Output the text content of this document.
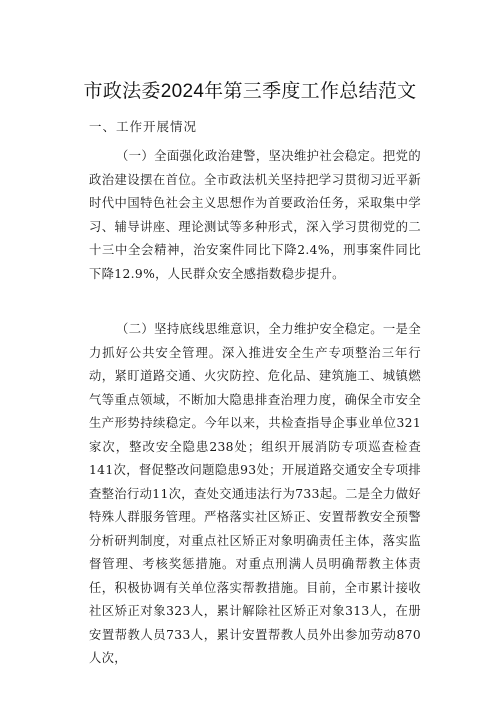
市政法委2024年第三季度工作总结范文
一、工作开展情况

（一）全面强化政治建警，坚决维护社会稳定。把党的政治建设摆在首位。全市政法机关坚持把学习贯彻习近平新时代中国特色社会主义思想作为首要政治任务，采取集中学习、辅导讲座、理论测试等多种形式，深入学习贯彻党的二十三中全会精神，治安案件同比下降2.4%，刑事案件同比下降12.9%，人民群众安全感指数稳步提升。

（二）坚持底线思维意识，全力维护安全稳定。一是全力抓好公共安全管理。深入推进安全生产专项整治三年行动，紧盯道路交通、火灾防控、危化品、建筑施工、城镇燃气等重点领域，不断加大隐患排查治理力度，确保全市安全生产形势持续稳定。今年以来，共检查指导企事业单位321家次，整改安全隐患238处；组织开展消防专项巡查检查141次，督促整改问题隐患93处；开展道路交通安全专项排查整治行动11次，查处交通违法行为733起。二是全力做好特殊人群服务管理。严格落实社区矫正、安置帮教安全预警分析研判制度，对重点社区矫正对象明确责任主体，落实监督管理、考核奖惩措施。对重点刑满人员明确帮教主体责任，积极协调有关单位落实帮教措施。目前，全市累计接收社区矫正对象323人，累计解除社区矫正对象313人，在册安置帮教人员733人，累计安置帮教人员外出参加劳动870人次，
